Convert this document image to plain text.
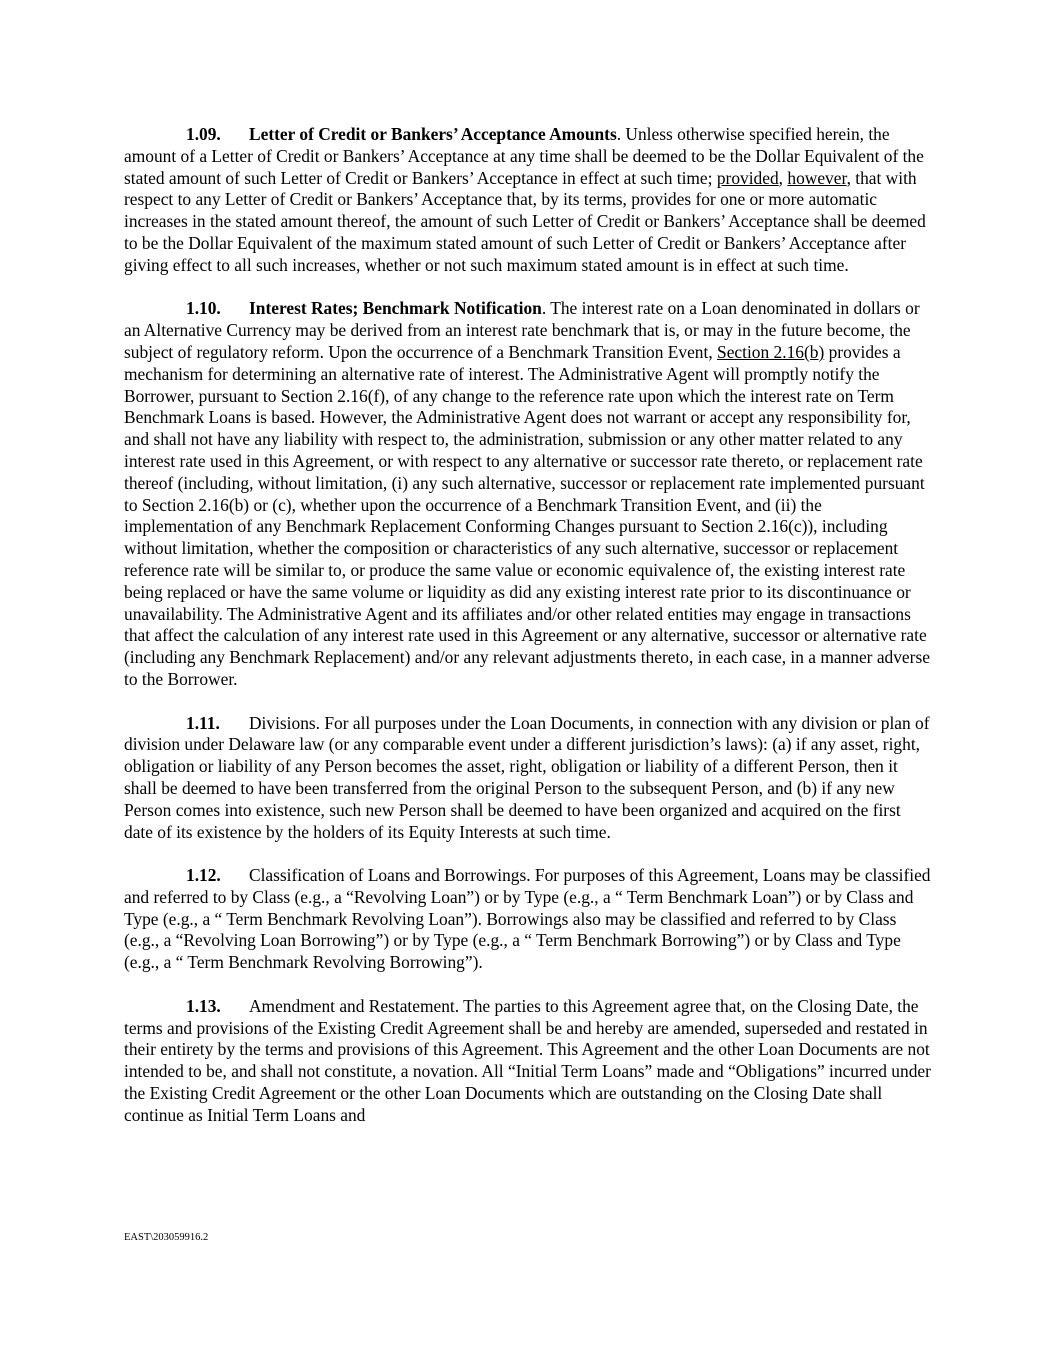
1.09. Letter of Credit or Bankers’ Acceptance Amounts. Unless otherwise specified herein, the amount of a Letter of Credit or Bankers’ Acceptance at any time shall be deemed to be the Dollar Equivalent of the stated amount of such Letter of Credit or Bankers’ Acceptance in effect at such time; provided, however, that with respect to any Letter of Credit or Bankers’ Acceptance that, by its terms, provides for one or more automatic increases in the stated amount thereof, the amount of such Letter of Credit or Bankers’ Acceptance shall be deemed to be the Dollar Equivalent of the maximum stated amount of such Letter of Credit or Bankers’ Acceptance after giving effect to all such increases, whether or not such maximum stated amount is in effect at such time.

1.10. Interest Rates; Benchmark Notification. The interest rate on a Loan denominated in dollars or an Alternative Currency may be derived from an interest rate benchmark that is, or may in the future become, the subject of regulatory reform. Upon the occurrence of a Benchmark Transition Event, Section 2.16(b) provides a mechanism for determining an alternative rate of interest. The Administrative Agent will promptly notify the Borrower, pursuant to Section 2.16(f), of any change to the reference rate upon which the interest rate on Term Benchmark Loans is based. However, the Administrative Agent does not warrant or accept any responsibility for, and shall not have any liability with respect to, the administration, submission or any other matter related to any interest rate used in this Agreement, or with respect to any alternative or successor rate thereto, or replacement rate thereof (including, without limitation, (i) any such alternative, successor or replacement rate implemented pursuant to Section 2.16(b) or (c), whether upon the occurrence of a Benchmark Transition Event, and (ii) the implementation of any Benchmark Replacement Conforming Changes pursuant to Section 2.16(c)), including without limitation, whether the composition or characteristics of any such alternative, successor or replacement reference rate will be similar to, or produce the same value or economic equivalence of, the existing interest rate being replaced or have the same volume or liquidity as did any existing interest rate prior to its discontinuance or unavailability. The Administrative Agent and its affiliates and/or other related entities may engage in transactions that affect the calculation of any interest rate used in this Agreement or any alternative, successor or alternative rate (including any Benchmark Replacement) and/or any relevant adjustments thereto, in each case, in a manner adverse to the Borrower.

1.11. Divisions. For all purposes under the Loan Documents, in connection with any division or plan of division under Delaware law (or any comparable event under a different jurisdiction’s laws): (a) if any asset, right, obligation or liability of any Person becomes the asset, right, obligation or liability of a different Person, then it shall be deemed to have been transferred from the original Person to the subsequent Person, and (b) if any new Person comes into existence, such new Person shall be deemed to have been organized and acquired on the first date of its existence by the holders of its Equity Interests at such time.

1.12. Classification of Loans and Borrowings. For purposes of this Agreement, Loans may be classified and referred to by Class (e.g., a “Revolving Loan”) or by Type (e.g., a “ Term Benchmark Loan”) or by Class and Type (e.g., a “ Term Benchmark Revolving Loan”). Borrowings also may be classified and referred to by Class (e.g., a “Revolving Loan Borrowing”) or by Type (e.g., a “ Term Benchmark Borrowing”) or by Class and Type (e.g., a “ Term Benchmark Revolving Borrowing”).

1.13. Amendment and Restatement. The parties to this Agreement agree that, on the Closing Date, the terms and provisions of the Existing Credit Agreement shall be and hereby are amended, superseded and restated in their entirety by the terms and provisions of this Agreement. This Agreement and the other Loan Documents are not intended to be, and shall not constitute, a novation. All “Initial Term Loans” made and “Obligations” incurred under the Existing Credit Agreement or the other Loan Documents which are outstanding on the Closing Date shall continue as Initial Term Loans and

EAST\203059916.2
